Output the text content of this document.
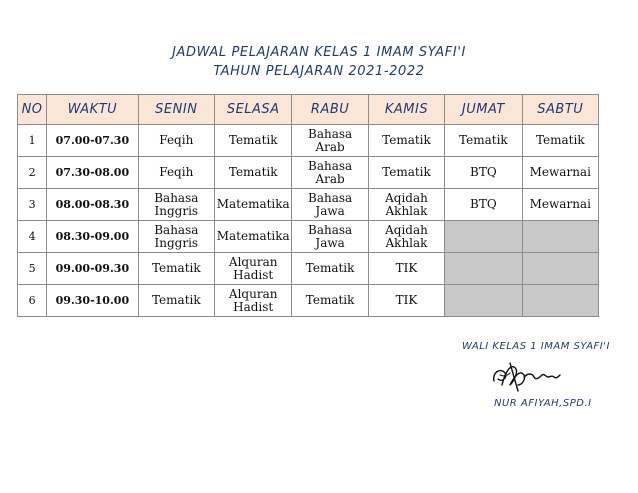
JADWAL PELAJARAN KELAS 1 IMAM SYAFI'I
TAHUN PELAJARAN 2021-2022
NO	WAKTU	SENIN	SELASA	RABU	KAMIS	JUMAT	SABTU
1	07.00-07.30	Feqih	Tematik	Bahasa Arab	Tematik	Tematik	Tematik
2	07.30-08.00	Feqih	Tematik	Bahasa Arab	Tematik	BTQ	Mewarnai
3	08.00-08.30	Bahasa Inggris	Matematika	Bahasa Jawa	Aqidah Akhlak	BTQ	Mewarnai
4	08.30-09.00	Bahasa Inggris	Matematika	Bahasa Jawa	Aqidah Akhlak		
5	09.00-09.30	Tematik	Alquran Hadist	Tematik	TIK		
6	09.30-10.00	Tematik	Alquran Hadist	Tematik	TIK		
WALI KELAS 1 IMAM SYAFI'I
NUR AFIYAH,SPD.I
